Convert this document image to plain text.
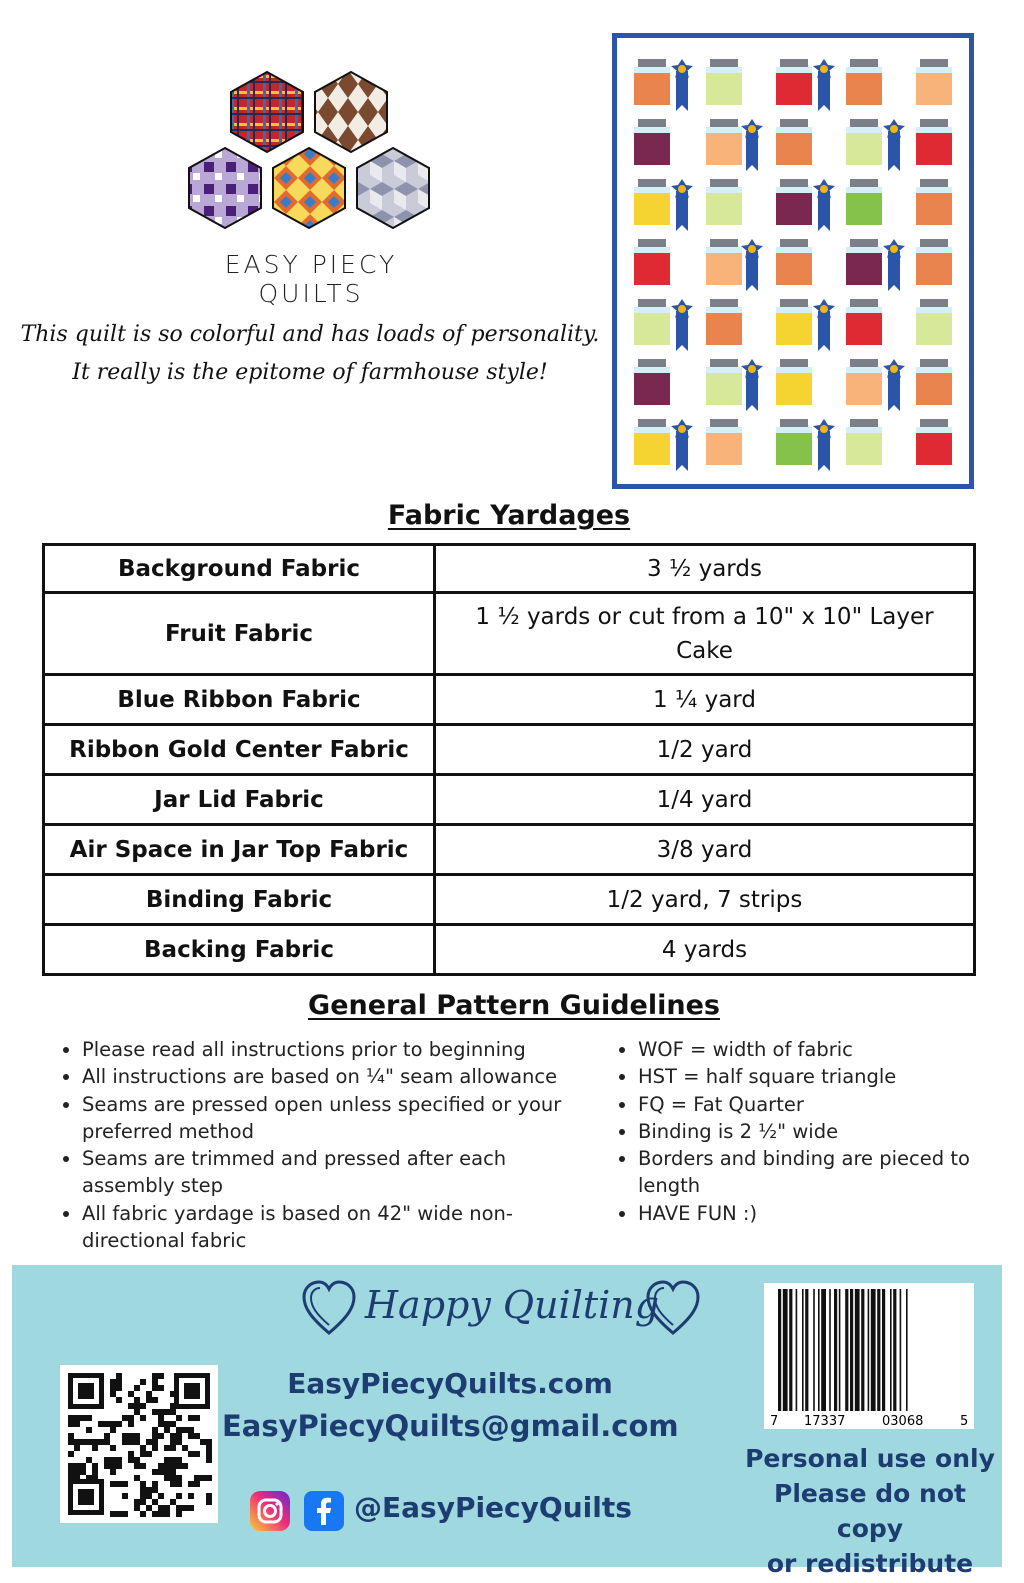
EASY PIECY QUILTS
This quilt is so colorful and has loads of personality.
It really is the epitome of farmhouse style!
Fabric Yardages
Background Fabric	3 ½ yards
Fruit Fabric	1 ½ yards or cut from a 10" x 10" Layer Cake
Blue Ribbon Fabric	1 ¼ yard
Ribbon Gold Center Fabric	1/2 yard
Jar Lid Fabric	1/4 yard
Air Space in Jar Top Fabric	3/8 yard
Binding Fabric	1/2 yard, 7 strips
Backing Fabric	4 yards
General Pattern Guidelines
• Please read all instructions prior to beginning
• All instructions are based on ¼" seam allowance
• Seams are pressed open unless specified or your preferred method
• Seams are trimmed and pressed after each assembly step
• All fabric yardage is based on 42" wide non-directional fabric
• WOF = width of fabric
• HST = half square triangle
• FQ = Fat Quarter
• Binding is 2 ½" wide
• Borders and binding are pieced to length
• HAVE FUN :)
Happy Quilting
EasyPiecyQuilts.com
EasyPiecyQuilts@gmail.com
@EasyPiecyQuilts
7 17337	03068	5
Personal use only
Please do not copy
or redistribute
